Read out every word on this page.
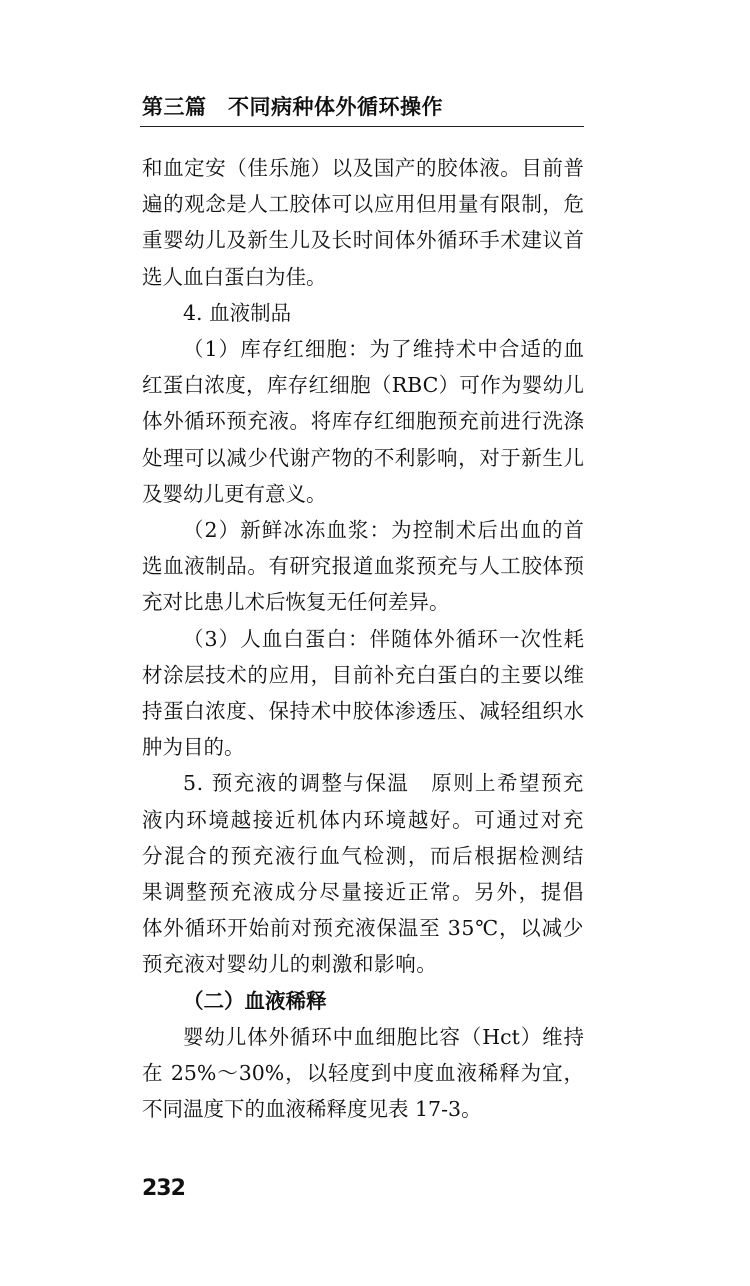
第三篇　不同病种体外循环操作

和血定安（佳乐施）以及国产的胶体液。目前普遍的观念是人工胶体可以应用但用量有限制，危重婴幼儿及新生儿及长时间体外循环手术建议首选人血白蛋白为佳。

4. 血液制品

（1）库存红细胞：为了维持术中合适的血红蛋白浓度，库存红细胞（RBC）可作为婴幼儿体外循环预充液。将库存红细胞预充前进行洗涤处理可以减少代谢产物的不利影响，对于新生儿及婴幼儿更有意义。

（2）新鲜冰冻血浆：为控制术后出血的首选血液制品。有研究报道血浆预充与人工胶体预充对比患儿术后恢复无任何差异。

（3）人血白蛋白：伴随体外循环一次性耗材涂层技术的应用，目前补充白蛋白的主要以维持蛋白浓度、保持术中胶体渗透压、减轻组织水肿为目的。

5. 预充液的调整与保温　原则上希望预充液内环境越接近机体内环境越好。可通过对充分混合的预充液行血气检测，而后根据检测结果调整预充液成分尽量接近正常。另外，提倡体外循环开始前对预充液保温至 35℃，以减少预充液对婴幼儿的刺激和影响。

（二）血液稀释

婴幼儿体外循环中血细胞比容（Hct）维持在 25%～30%，以轻度到中度血液稀释为宜，不同温度下的血液稀释度见表 17-3。

232
